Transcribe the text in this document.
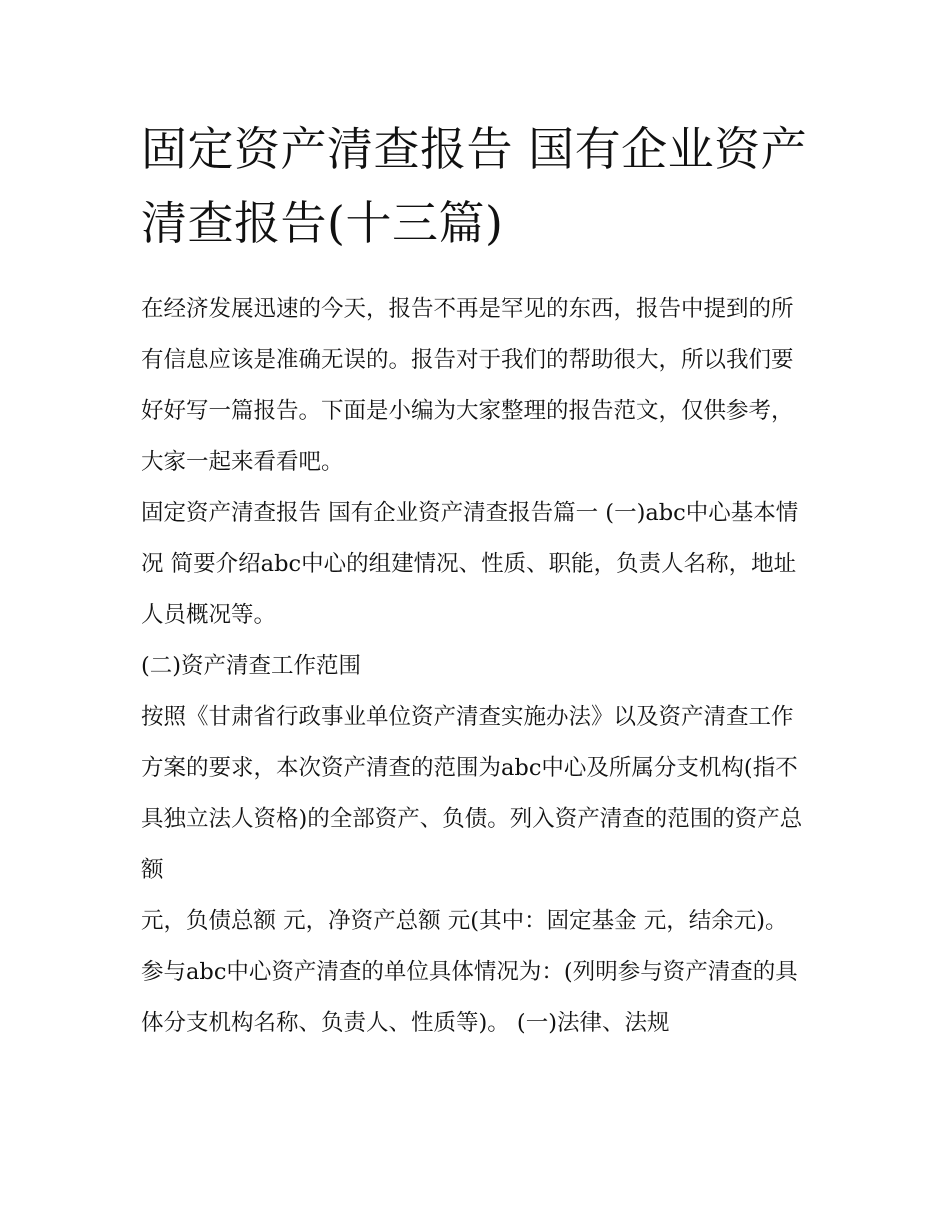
固定资产清查报告 国有企业资产清查报告(十三篇)

在经济发展迅速的今天，报告不再是罕见的东西，报告中提到的所有信息应该是准确无误的。报告对于我们的帮助很大，所以我们要好好写一篇报告。下面是小编为大家整理的报告范文，仅供参考，大家一起来看看吧。

固定资产清查报告 国有企业资产清查报告篇一 (一)abc中心基本情况 简要介绍abc中心的组建情况、性质、职能，负责人名称，地址人员概况等。

(二)资产清查工作范围

按照《甘肃省行政事业单位资产清查实施办法》以及资产清查工作方案的要求，本次资产清查的范围为abc中心及所属分支机构(指不具独立法人资格)的全部资产、负债。列入资产清查的范围的资产总额

元，负债总额 元，净资产总额 元(其中：固定基金 元，结余元)。

参与abc中心资产清查的单位具体情况为：(列明参与资产清查的具体分支机构名称、负责人、性质等)。 (一)法律、法规
